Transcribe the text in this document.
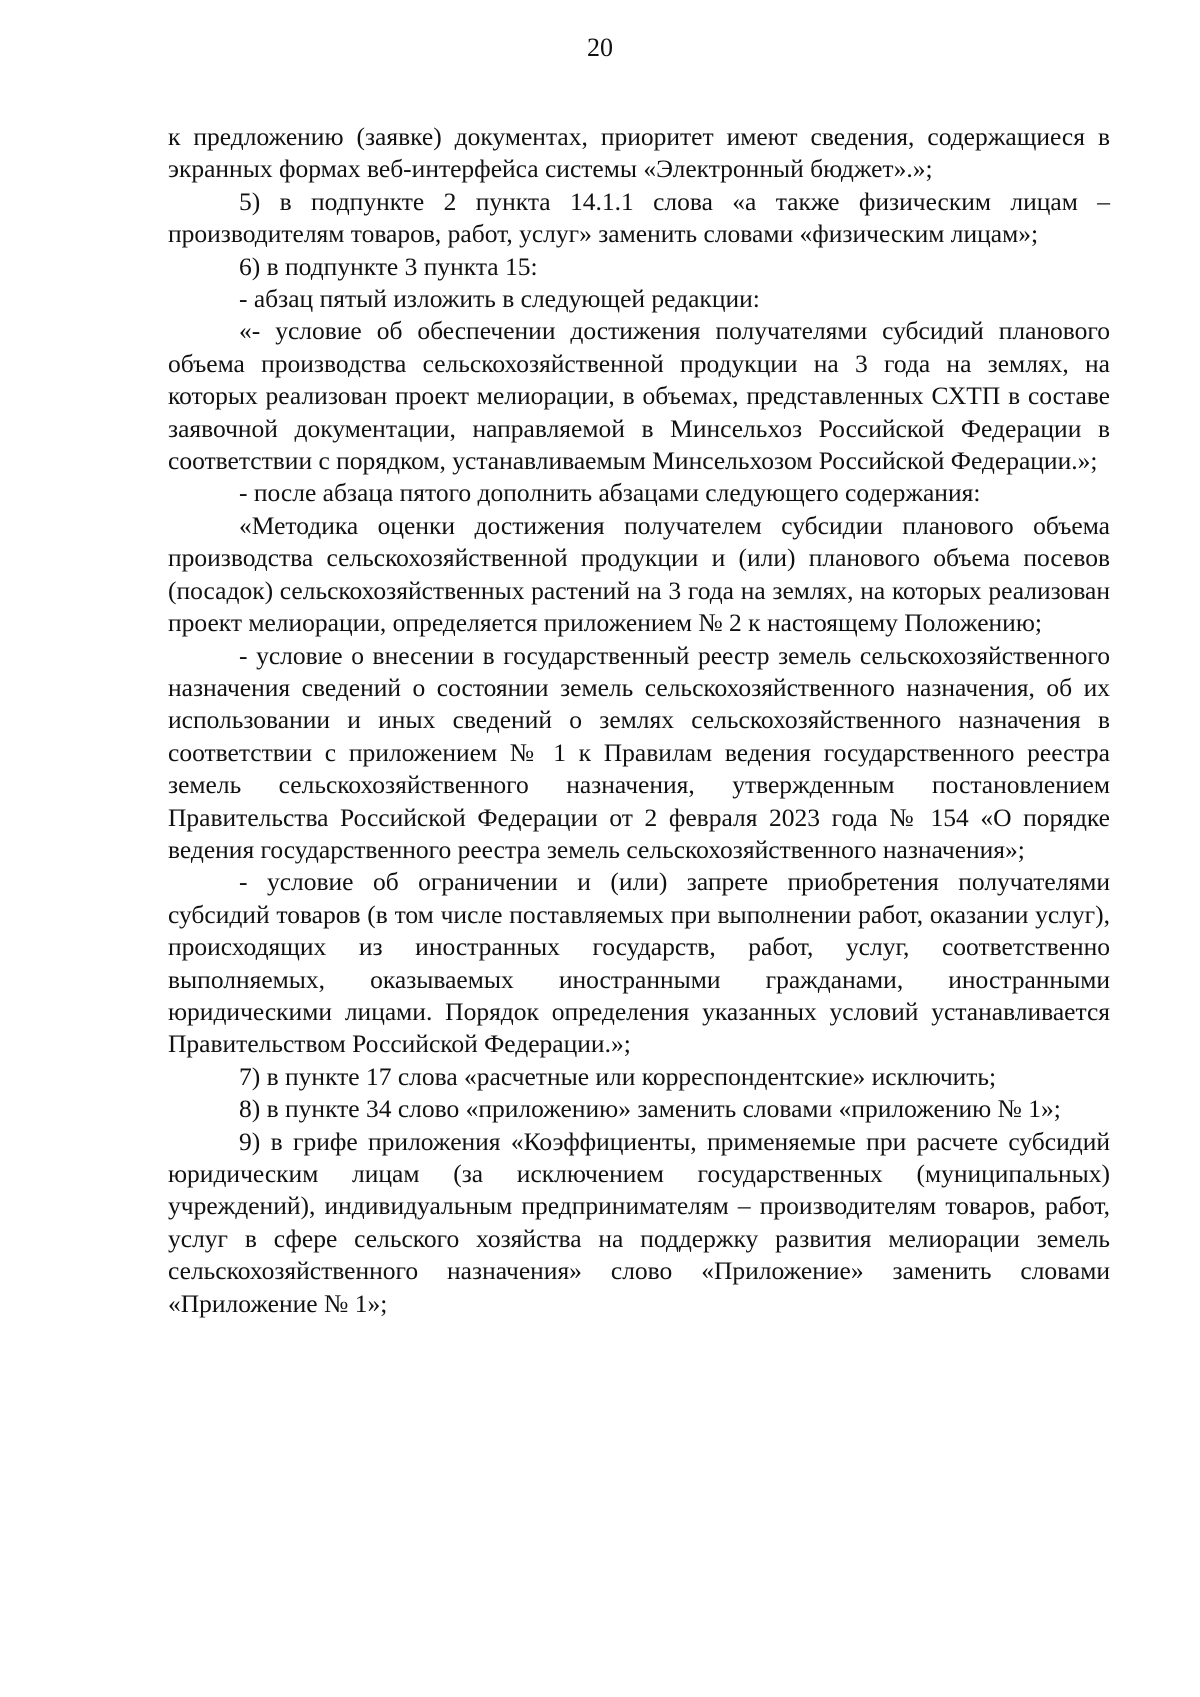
20

к предложению (заявке) документах, приоритет имеют сведения, содержащиеся в экранных формах веб-интерфейса системы «Электронный бюджет».»;

5) в подпункте 2 пункта 14.1.1 слова «а также физическим лицам – производителям товаров, работ, услуг» заменить словами «физическим лицам»;

6) в подпункте 3 пункта 15:

- абзац пятый изложить в следующей редакции:

«- условие об обеспечении достижения получателями субсидий планового объема производства сельскохозяйственной продукции на 3 года на землях, на которых реализован проект мелиорации, в объемах, представленных СХТП в составе заявочной документации, направляемой в Минсельхоз Российской Федерации в соответствии с порядком, устанавливаемым Минсельхозом Российской Федерации.»;

- после абзаца пятого дополнить абзацами следующего содержания:

«Методика оценки достижения получателем субсидии планового объема производства сельскохозяйственной продукции и (или) планового объема посевов (посадок) сельскохозяйственных растений на 3 года на землях, на которых реализован проект мелиорации, определяется приложением № 2 к настоящему Положению;

- условие о внесении в государственный реестр земель сельскохозяйственного назначения сведений о состоянии земель сельскохозяйственного назначения, об их использовании и иных сведений о землях сельскохозяйственного назначения в соответствии с приложением № 1 к Правилам ведения государственного реестра земель сельскохозяйственного назначения, утвержденным постановлением Правительства Российской Федерации от 2 февраля 2023 года № 154 «О порядке ведения государственного реестра земель сельскохозяйственного назначения»;

- условие об ограничении и (или) запрете приобретения получателями субсидий товаров (в том числе поставляемых при выполнении работ, оказании услуг), происходящих из иностранных государств, работ, услуг, соответственно выполняемых, оказываемых иностранными гражданами, иностранными юридическими лицами. Порядок определения указанных условий устанавливается Правительством Российской Федерации.»;

7) в пункте 17 слова «расчетные или корреспондентские» исключить;

8) в пункте 34 слово «приложению» заменить словами «приложению № 1»;

9) в грифе приложения «Коэффициенты, применяемые при расчете субсидий юридическим лицам (за исключением государственных (муниципальных) учреждений), индивидуальным предпринимателям – производителям товаров, работ, услуг в сфере сельского хозяйства на поддержку развития мелиорации земель сельскохозяйственного назначения» слово «Приложение» заменить словами «Приложение № 1»;
